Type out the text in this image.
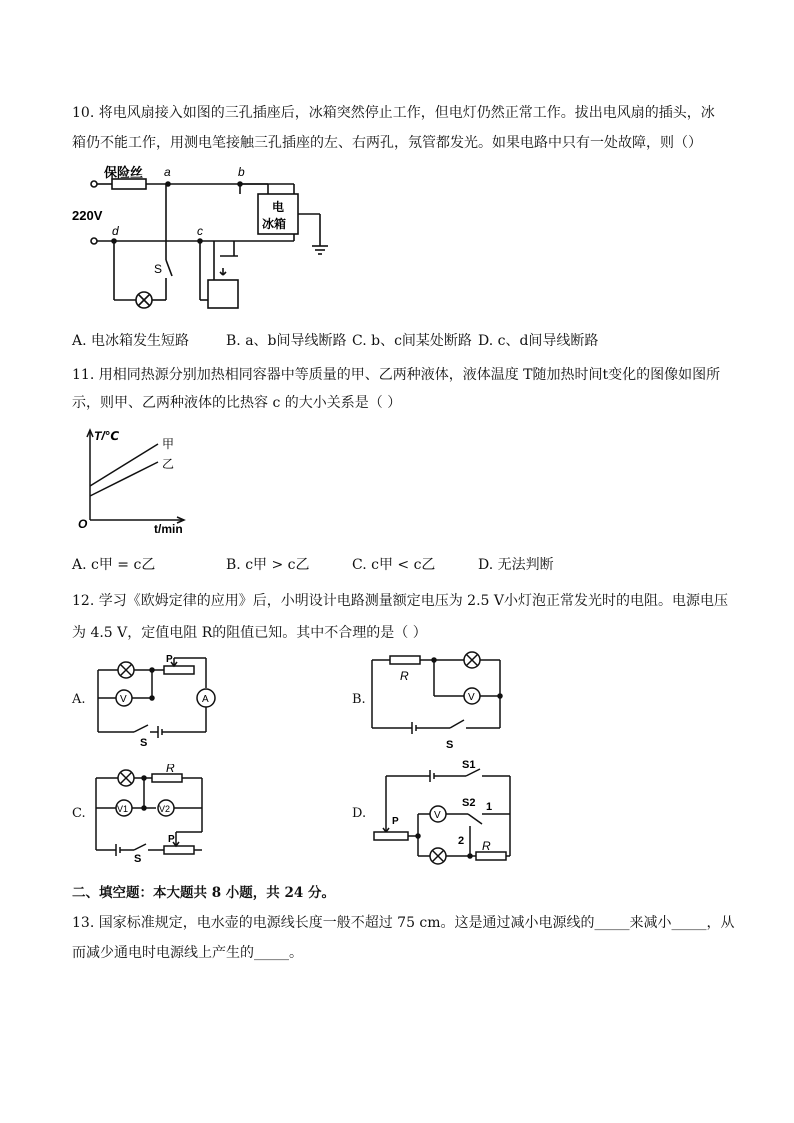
10. 将电风扇接入如图的三孔插座后，冰箱突然停止工作，但电灯仍然正常工作。拔出电风扇的插头，冰
箱仍不能工作，用测电笔接触三孔插座的左、右两孔，氖管都发光。如果电路中只有一处故障，则（）
保险丝
220V
a	b
c
d
S
电
冰箱
A. 电冰箱发生短路	B. a、b间导线断路 C. b、c间某处断路 D. c、d间导线断路
11. 用相同热源分别加热相同容器中等质量的甲、乙两种液体，液体温度 T随加热时间t变化的图像如图所
示，则甲、乙两种液体的比热容 c 的大小关系是（ ）
T/℃
t/min
O
甲
乙
A. c甲 = c乙	B. c甲 > c乙	C. c甲 < c乙	D. 无法判断
12. 学习《欧姆定律的应用》后，小明设计电路测量额定电压为 2.5 V小灯泡正常发光时的电阻。电源电压
为 4.5 V，定值电阻 R的阻值已知。其中不合理的是（ ）
A.	V	A
P
S
B.
R
V
S
C.
R
V1	V2
P
S
D.
S1
S2 1
2
V
P
R
二、填空题：本大题共 8 小题，共 24 分。
13. 国家标准规定，电水壶的电源线长度一般不超过 75 cm。这是通过减小电源线的_____来减小_____，从
而减少通电时电源线上产生的_____。
